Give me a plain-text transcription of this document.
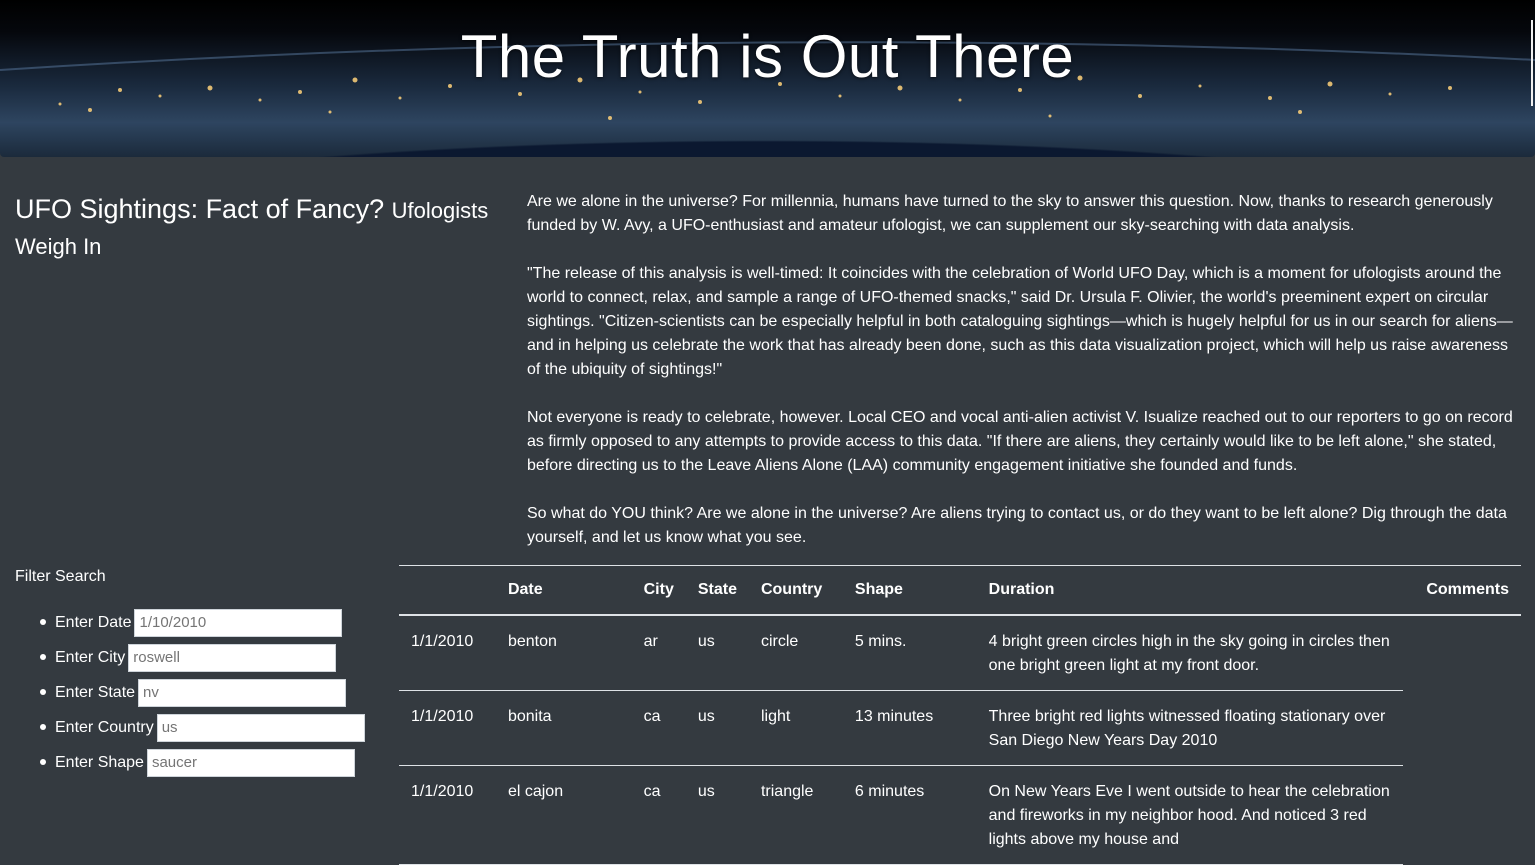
The Truth is Out There
UFO Sightings: Fact of Fancy? Ufologists Weigh In

Are we alone in the universe? For millennia, humans have turned to the sky to answer this question. Now, thanks to research generously funded by W. Avy, a UFO-enthusiast and amateur ufologist, we can supplement our sky-searching with data analysis.

"The release of this analysis is well-timed: It coincides with the celebration of World UFO Day, which is a moment for ufologists around the world to connect, relax, and sample a range of UFO-themed snacks," said Dr. Ursula F. Olivier, the world's preeminent expert on circular sightings. "Citizen-scientists can be especially helpful in both cataloguing sightings—which is hugely helpful for us in our search for aliens—and in helping us celebrate the work that has already been done, such as this data visualization project, which will help us raise awareness of the ubiquity of sightings!"

Not everyone is ready to celebrate, however. Local CEO and vocal anti-alien activist V. Isualize reached out to our reporters to go on record as firmly opposed to any attempts to provide access to this data. "If there are aliens, they certainly would like to be left alone," she stated, before directing us to the Leave Aliens Alone (LAA) community engagement initiative she founded and funds.

So what do YOU think? Are we alone in the universe? Are aliens trying to contact us, or do they want to be left alone? Dig through the data yourself, and let us know what you see.

Filter Search
Enter Date
1/10/2010
Enter City
roswell
Enter State
nv
Enter Country
us
Enter Shape
saucer
	Date	City	State	Country	Shape	Duration	Comments
1/1/2010	benton	ar	us	circle	5 mins.	4 bright green circles high in the sky going in circles then one bright green light at my front door.	
1/1/2010	bonita	ca	us	light	13 minutes	Three bright red lights witnessed floating stationary over San Diego New Years Day 2010	
1/1/2010	el cajon	ca	us	triangle	6 minutes	On New Years Eve I went outside to hear the celebration and fireworks in my neighbor hood. And noticed 3 red lights above my house and	
